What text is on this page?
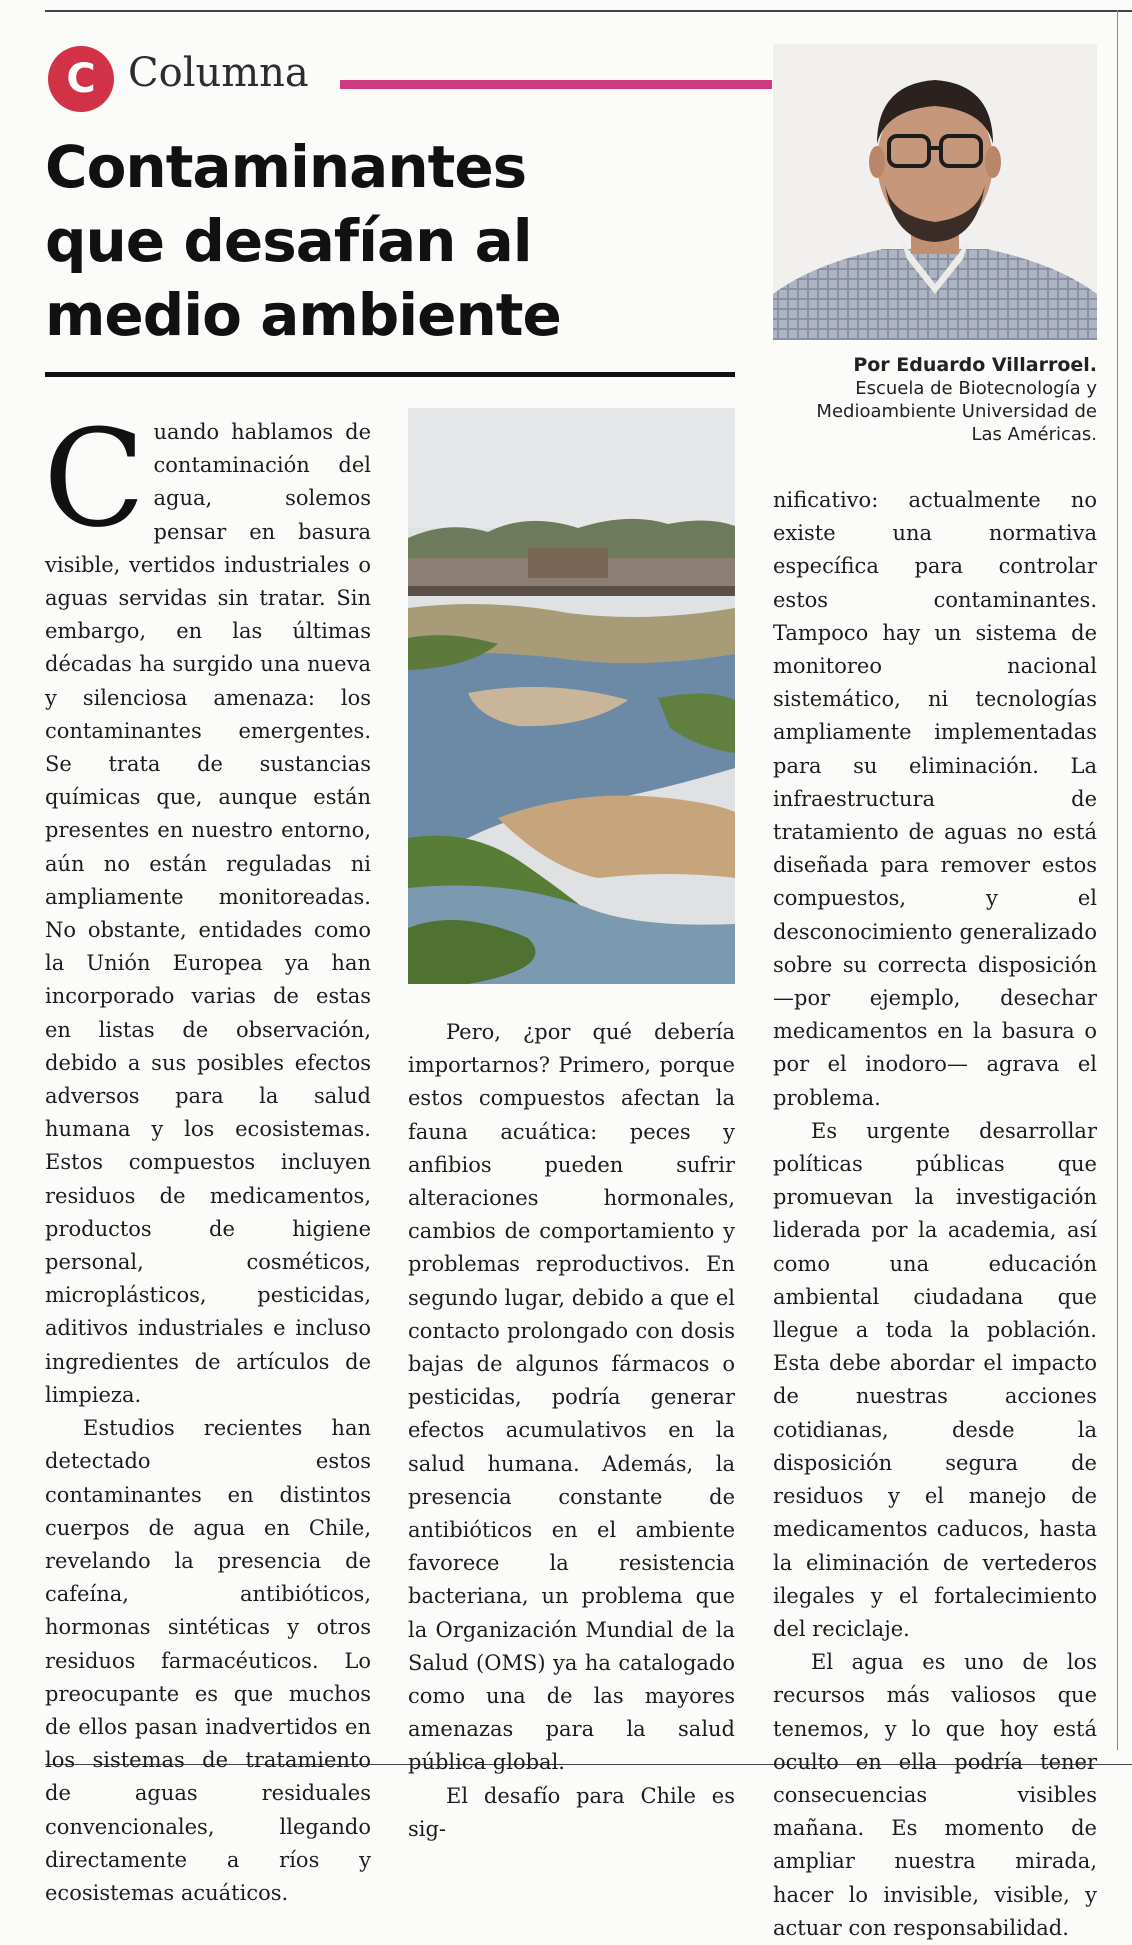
C Columna
Contaminantes
que desafían al
medio ambiente
Por Eduardo Villarroel.
Escuela de Biotecnología y
Medioambiente Universidad de
Las Américas.

Cuando hablamos de contaminación del agua, solemos pensar en basura visible, vertidos industriales o aguas servidas sin tratar. Sin embargo, en las últimas décadas ha surgido una nueva y silenciosa amenaza: los contaminantes emergentes. Se trata de sustancias químicas que, aunque están presentes en nuestro entorno, aún no están reguladas ni ampliamente monitoreadas. No obstante, entidades como la Unión Europea ya han incorporado varias de estas en listas de observación, debido a sus posibles efectos adversos para la salud humana y los ecosistemas. Estos compuestos incluyen residuos de medicamentos, productos de higiene personal, cosméticos, microplásticos, pesticidas, aditivos industriales e incluso ingredientes de artículos de limpieza.

Estudios recientes han detectado estos contaminantes en distintos cuerpos de agua en Chile, revelando la presencia de cafeína, antibióticos, hormonas sintéticas y otros residuos farmacéuticos. Lo preocupante es que muchos de ellos pasan inadvertidos en los sistemas de tratamiento de aguas residuales convencionales, llegando directamente a ríos y ecosistemas acuáticos.

Pero, ¿por qué debería importarnos? Primero, porque estos compuestos afectan la fauna acuática: peces y anfibios pueden sufrir alteraciones hormonales, cambios de comportamiento y problemas reproductivos. En segundo lugar, debido a que el contacto prolongado con dosis bajas de algunos fármacos o pesticidas, podría generar efectos acumulativos en la salud humana. Además, la presencia constante de antibióticos en el ambiente favorece la resistencia bacteriana, un problema que la Organización Mundial de la Salud (OMS) ya ha catalogado como una de las mayores amenazas para la salud pública global.

El desafío para Chile es sig-

nificativo: actualmente no existe una normativa específica para controlar estos contaminantes. Tampoco hay un sistema de monitoreo nacional sistemático, ni tecnologías ampliamente implementadas para su eliminación. La infraestructura de tratamiento de aguas no está diseñada para remover estos compuestos, y el desconocimiento generalizado sobre su correcta disposición —por ejemplo, desechar medicamentos en la basura o por el inodoro— agrava el problema.

Es urgente desarrollar políticas públicas que promuevan la investigación liderada por la academia, así como una educación ambiental ciudadana que llegue a toda la población. Esta debe abordar el impacto de nuestras acciones cotidianas, desde la disposición segura de residuos y el manejo de medicamentos caducos, hasta la eliminación de vertederos ilegales y el fortalecimiento del reciclaje.

El agua es uno de los recursos más valiosos que tenemos, y lo que hoy está oculto en ella podría tener consecuencias visibles mañana. Es momento de ampliar nuestra mirada, hacer lo invisible, visible, y actuar con responsabilidad.
